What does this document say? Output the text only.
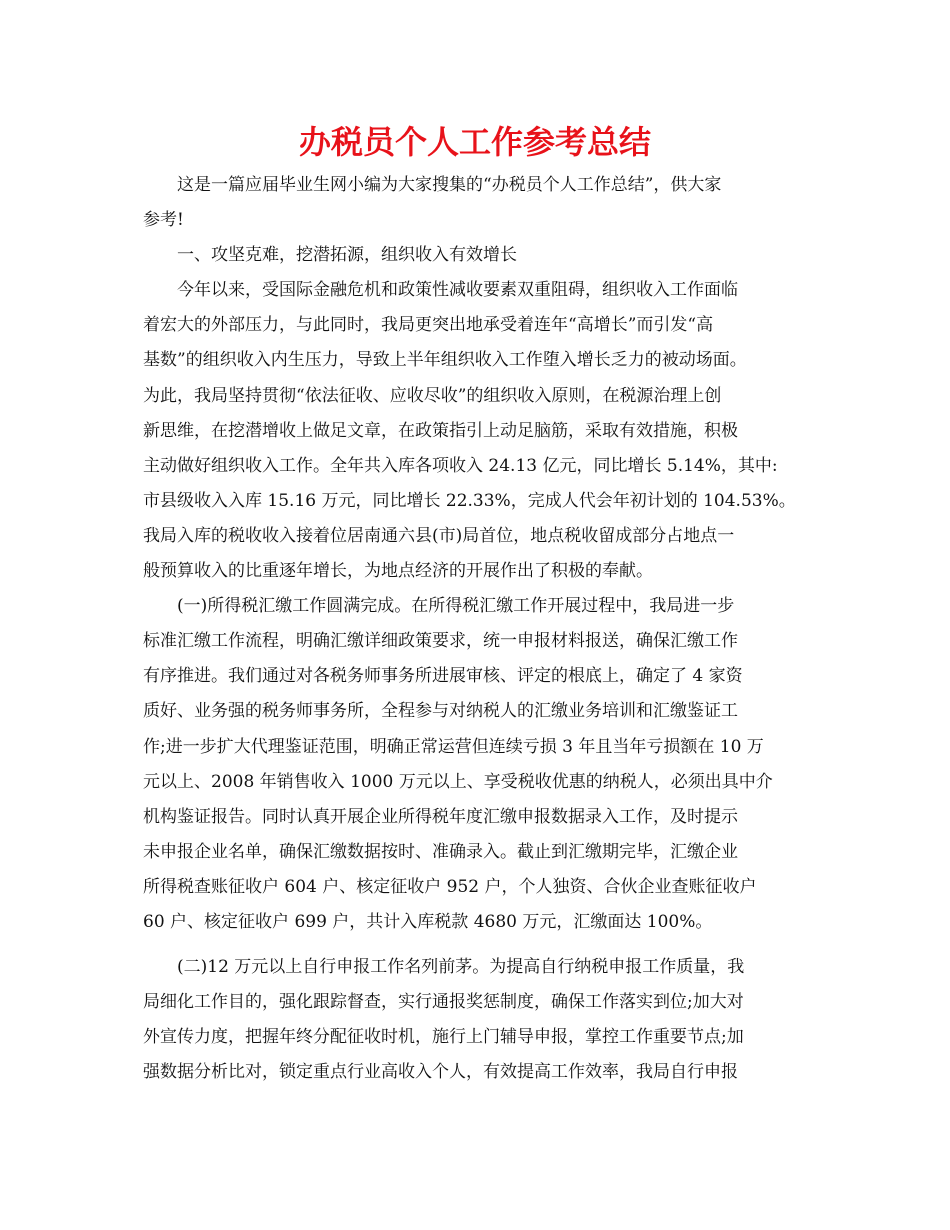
办税员个人工作参考总结
　　这是一篇应届毕业生网小编为大家搜集的“办税员个人工作总结”，供大家
参考!
　　一、攻坚克难，挖潜拓源，组织收入有效增长
　　今年以来，受国际金融危机和政策性减收要素双重阻碍，组织收入工作面临
着宏大的外部压力，与此同时，我局更突出地承受着连年“高增长”而引发“高
基数”的组织收入内生压力，导致上半年组织收入工作堕入增长乏力的被动场面。
为此，我局坚持贯彻“依法征收、应收尽收”的组织收入原则，在税源治理上创
新思维，在挖潜增收上做足文章，在政策指引上动足脑筋，采取有效措施，积极
主动做好组织收入工作。全年共入库各项收入 24.13 亿元，同比增长 5.14%，其中:
市县级收入入库 15.16 万元，同比增长 22.33%，完成人代会年初计划的 104.53%。
我局入库的税收收入接着位居南通六县(市)局首位，地点税收留成部分占地点一
般预算收入的比重逐年增长，为地点经济的开展作出了积极的奉献。
　　(一)所得税汇缴工作圆满完成。在所得税汇缴工作开展过程中，我局进一步
标准汇缴工作流程，明确汇缴详细政策要求，统一申报材料报送，确保汇缴工作
有序推进。我们通过对各税务师事务所进展审核、评定的根底上，确定了 4 家资
质好、业务强的税务师事务所，全程参与对纳税人的汇缴业务培训和汇缴鉴证工
作;进一步扩大代理鉴证范围，明确正常运营但连续亏损 3 年且当年亏损额在 10 万
元以上、2008 年销售收入 1000 万元以上、享受税收优惠的纳税人，必须出具中介
机构鉴证报告。同时认真开展企业所得税年度汇缴申报数据录入工作，及时提示
未申报企业名单，确保汇缴数据按时、准确录入。截止到汇缴期完毕，汇缴企业
所得税查账征收户 604 户、核定征收户 952 户，个人独资、合伙企业查账征收户
60 户、核定征收户 699 户，共计入库税款 4680 万元，汇缴面达 100%。
　　(二)12 万元以上自行申报工作名列前茅。为提高自行纳税申报工作质量，我
局细化工作目的，强化跟踪督查，实行通报奖惩制度，确保工作落实到位;加大对
外宣传力度，把握年终分配征收时机，施行上门辅导申报，掌控工作重要节点;加
强数据分析比对，锁定重点行业高收入个人，有效提高工作效率，我局自行申报
